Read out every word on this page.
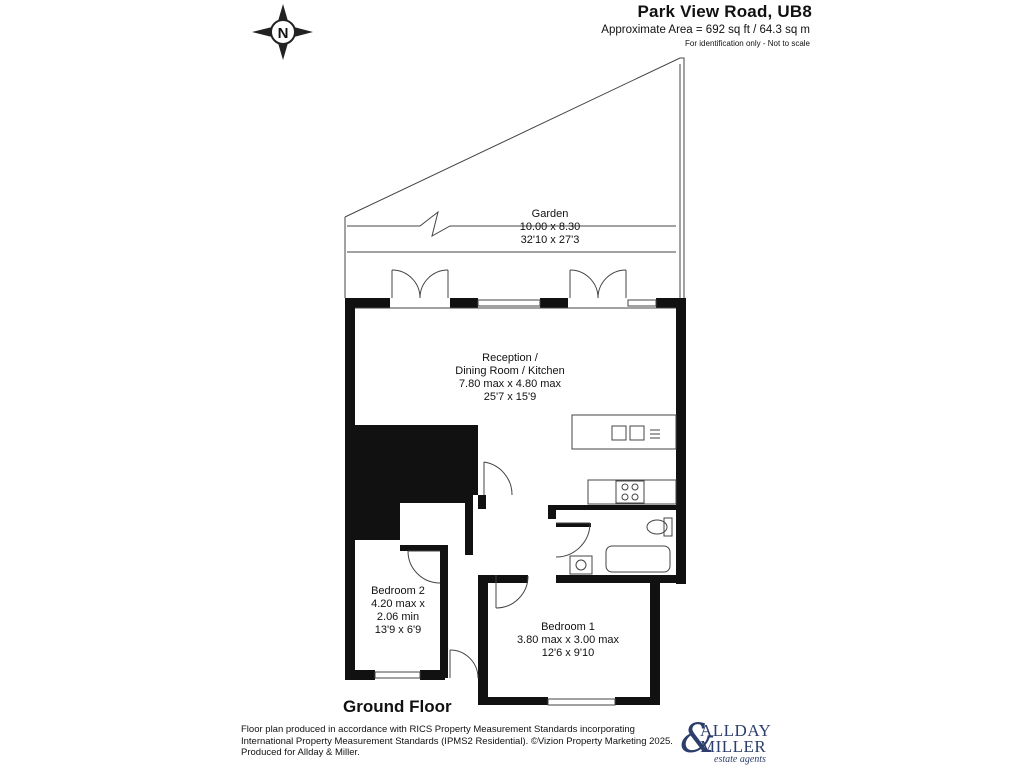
N
Park View Road, UB8
Approximate Area = 692 sq ft / 64.3 sq m
For identification only - Not to scale
Garden
10.00 x 8.30
32'10 x 27'3
Reception /
Dining Room / Kitchen
7.80 max x 4.80 max
25'7 x 15'9
Bedroom 2
4.20 max x
2.06 min
13'9 x 6'9	Bedroom 1
3.80 max x 3.00 max
12'6 x 9'10
Ground Floor
Floor plan produced in accordance with RICS Property Measurement Standards incorporating
International Property Measurement Standards (IPMS2 Residential). ©Vizion Property Marketing 2025.
Produced for Allday & Miller.	&
ALLDAY
MILLER
estate agents
